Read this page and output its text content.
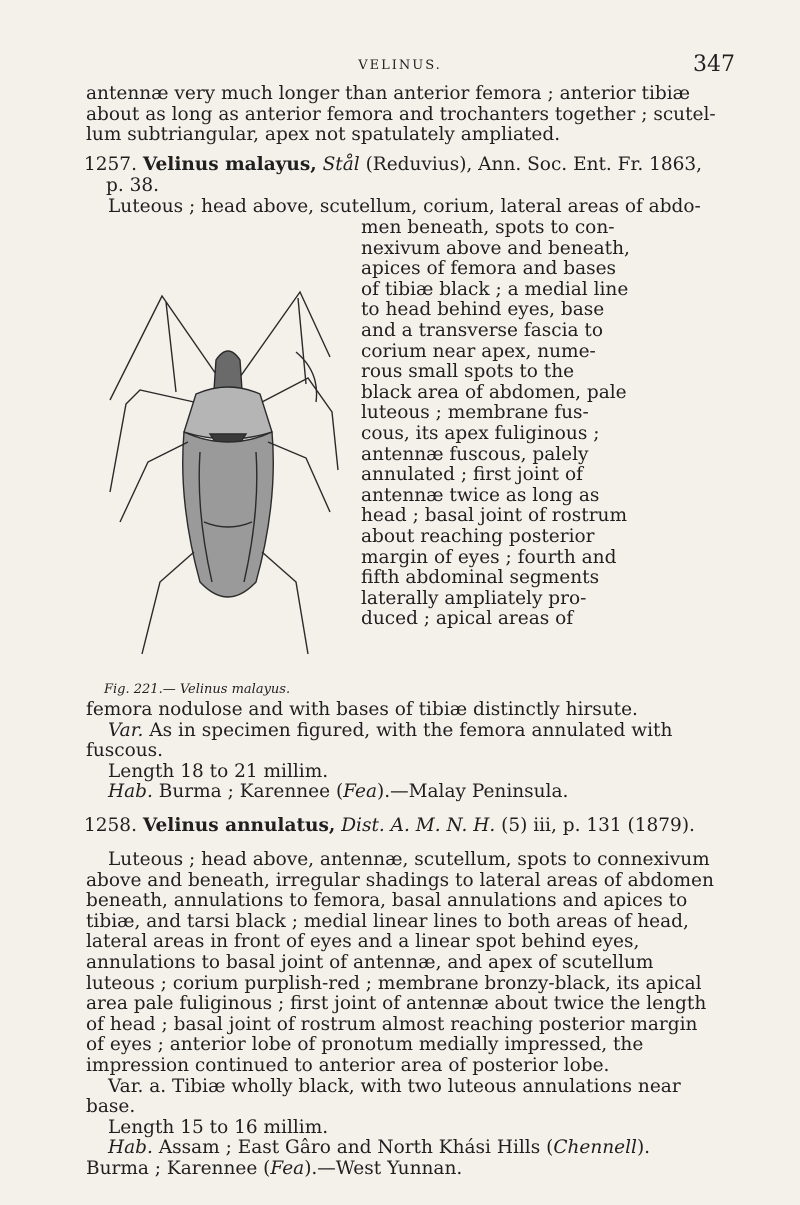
VELINUS.	347
antennæ very much longer than anterior femora ; anterior tibiæ
about as long as anterior femora and trochanters together ; scutel-
lum subtriangular, apex not spatulately ampliated.
1257. Velinus malayus, Stål (Reduvius), Ann. Soc. Ent. Fr. 1863,
p. 38.
Luteous ; head above, scutellum, corium, lateral areas of abdo-
men beneath, spots to con-
nexivum above and beneath,
apices of femora and bases
of tibiæ black ; a medial line
to head behind eyes, base
and a transverse fascia to
corium near apex, nume-
rous small spots to the
black area of abdomen, pale
luteous ; membrane fus-
cous, its apex fuliginous ;
antennæ fuscous, palely
annulated ; first joint of
antennæ twice as long as
head ; basal joint of rostrum
about reaching posterior
margin of eyes ; fourth and
fifth abdominal segments
laterally ampliately pro-
duced ; apical areas of
Fig. 221.— Velinus malayus.
femora nodulose and with bases of tibiæ distinctly hirsute.
Var. As in specimen figured, with the femora annulated with
fuscous.
Length 18 to 21 millim.
Hab. Burma ; Karennee (Fea).—Malay Peninsula.
1258. Velinus annulatus, Dist. A. M. N. H. (5) iii, p. 131 (1879).
Luteous ; head above, antennæ, scutellum, spots to connexivum
above and beneath, irregular shadings to lateral areas of abdomen
beneath, annulations to femora, basal annulations and apices to
tibiæ, and tarsi black ; medial linear lines to both areas of head,
lateral areas in front of eyes and a linear spot behind eyes,
annulations to basal joint of antennæ, and apex of scutellum
luteous ; corium purplish-red ; membrane bronzy-black, its apical
area pale fuliginous ; first joint of antennæ about twice the length
of head ; basal joint of rostrum almost reaching posterior margin
of eyes ; anterior lobe of pronotum medially impressed, the
impression continued to anterior area of posterior lobe.
Var. a. Tibiæ wholly black, with two luteous annulations near
base.
Length 15 to 16 millim.
Hab. Assam ; East Gâro and North Khási Hills (Chennell).
Burma ; Karennee (Fea).—West Yunnan.
